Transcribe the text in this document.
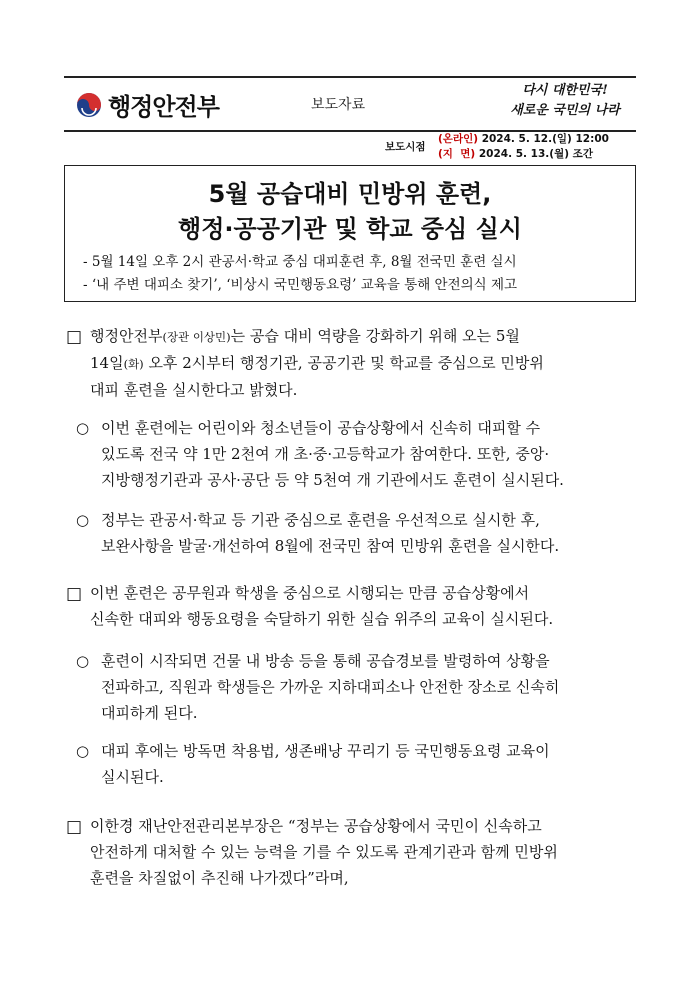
행정안전부	보도자료
다시 대한민국!
새로운 국민의 나라
보도시점
(온라인) 2024. 5. 12.(일) 12:00
(지  면) 2024. 5. 13.(월) 조간
5월 공습대비 민방위 훈련,
행정·공공기관 및 학교 중심 실시
- 5월 14일 오후 2시 관공서·학교 중심 대피훈련 후, 8월 전국민 훈련 실시
- ‘내 주변 대피소 찾기’, ‘비상시 국민행동요령’ 교육을 통해 안전의식 제고
□ 행정안전부(장관 이상민)는 공습 대비 역량을 강화하기 위해 오는 5월
14일(화) 오후 2시부터 행정기관, 공공기관 및 학교를 중심으로 민방위
대피 훈련을 실시한다고 밝혔다.
○ 이번 훈련에는 어린이와 청소년들이 공습상황에서 신속히 대피할 수
있도록 전국 약 1만 2천여 개 초·중·고등학교가 참여한다. 또한, 중앙·
지방행정기관과 공사·공단 등 약 5천여 개 기관에서도 훈련이 실시된다.
○ 정부는 관공서·학교 등 기관 중심으로 훈련을 우선적으로 실시한 후,
보완사항을 발굴·개선하여 8월에 전국민 참여 민방위 훈련을 실시한다.
□ 이번 훈련은 공무원과 학생을 중심으로 시행되는 만큼 공습상황에서
신속한 대피와 행동요령을 숙달하기 위한 실습 위주의 교육이 실시된다.
○ 훈련이 시작되면 건물 내 방송 등을 통해 공습경보를 발령하여 상황을
전파하고, 직원과 학생들은 가까운 지하대피소나 안전한 장소로 신속히
대피하게 된다.
○ 대피 후에는 방독면 착용법, 생존배낭 꾸리기 등 국민행동요령 교육이
실시된다.
□ 이한경 재난안전관리본부장은 “정부는 공습상황에서 국민이 신속하고
안전하게 대처할 수 있는 능력을 기를 수 있도록 관계기관과 함께 민방위
훈련을 차질없이 추진해 나가겠다”라며,
